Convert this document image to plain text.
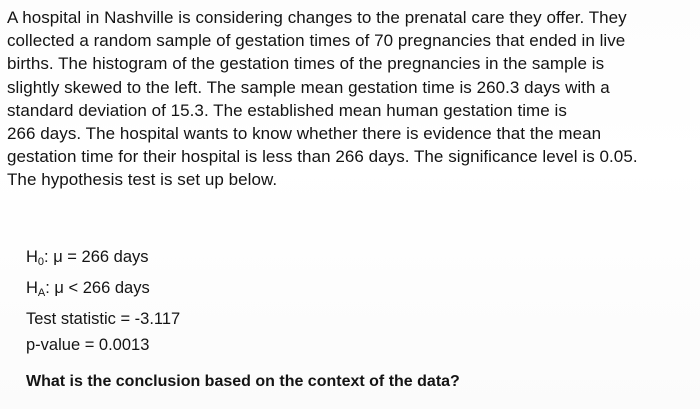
A hospital in Nashville is considering changes to the prenatal care they offer. They

collected a random sample of gestation times of 70 pregnancies that ended in live

births. The histogram of the gestation times of the pregnancies in the sample is

slightly skewed to the left. The sample mean gestation time is 260.3 days with a

standard deviation of 15.3. The established mean human gestation time is

266 days. The hospital wants to know whether there is evidence that the mean

gestation time for their hospital is less than 266 days. The significance level is 0.05.

The hypothesis test is set up below.

$H_0$: μ = 266 days

$H_A$: μ < 266 days

Test statistic = -3.117

p-value = 0.0013

What is the conclusion based on the context of the data?
